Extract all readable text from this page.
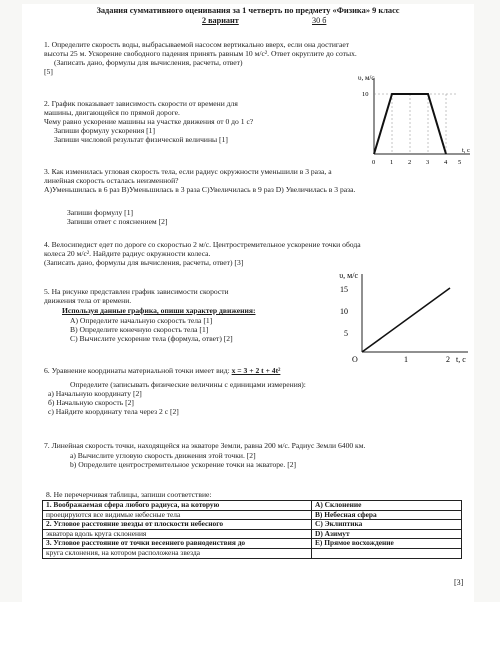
Задания суммативного оценивания за 1 четверть по предмету «Физика» 9 класс
2 вариант	30 б
1. Определите скорость воды, выбрасываемой насосом вертикально вверх, если она достигает
высоты 25 м. Ускорение свободного падения принять равным 10 м/с². Ответ округлите до сотых.
(Записать дано, формулы для вычисления, расчеты, ответ)
[5]
υ, м/с
10
0 1 2 3 4 5
t, c
2. График показывает зависимость скорости от времени для
машины, двигающейся по прямой дороге.
Чему равно ускорение машины на участке движения от 0 до 1 с?
Запиши формулу ускорения [1]
Запиши числовой результат физической величины [1]
3. Как изменилась угловая скорость тела, если радиус окружности уменьшили в 3 раза, а
линейная скорость осталась неизменной?
A)Уменьшилась в 6 раз B)Уменьшилась в 3 раза C)Увеличилась в 9 раз D) Увеличилась в 3 раза.
Запиши формулу [1]
Запиши ответ с пояснением [2]
4. Велосипедист едет по дороге со скоростью 2 м/с. Центростремительное ускорение точки обода
колеса 20 м/с². Найдите радиус окружности колеса.
(Записать дано, формулы для вычисления, расчеты, ответ) [3]
υ, м/с
15
10
5
O	1	2 t, c
5. На рисунке представлен график зависимости скорости
движения тела от времени.
Используя данные графика, опиши характер движения:
A) Определите начальную скорость тела [1]
B) Определите конечную скорость тела [1]
C) Вычислите ускорение тела (формула, ответ) [2]
6. Уравнение координаты материальной точки имеет вид: x = 3 + 2 t + 4t²
Определите (записывать физические величины с единицами измерения):
а) Начальную координату [2]
б) Начальную скорость [2]
с) Найдите координату тела через 2 с [2]
7. Линейная скорость точки, находящейся на экваторе Земли, равна 200 м/с. Радиус Земли 6400 км.
a) Вычислите угловую скорость движения этой точки. [2]
b) Определите центростремительное ускорение точки на экваторе. [2]
8. Не перечерчивая таблицы, запиши соответствие:
1. Воображаемая сфера любого радиуса, на которую	A) Склонение
проецируются все видимые небесные тела	B) Небесная сфера
2. Угловое расстояние звезды от плоскости небесного	C) Эклиптика
экватора вдоль круга склонения	D) Азимут
3. Угловое расстояние от точки весеннего равноденствия до	E) Прямое восхождение
круга склонения, на котором расположена звезда	
[3]
